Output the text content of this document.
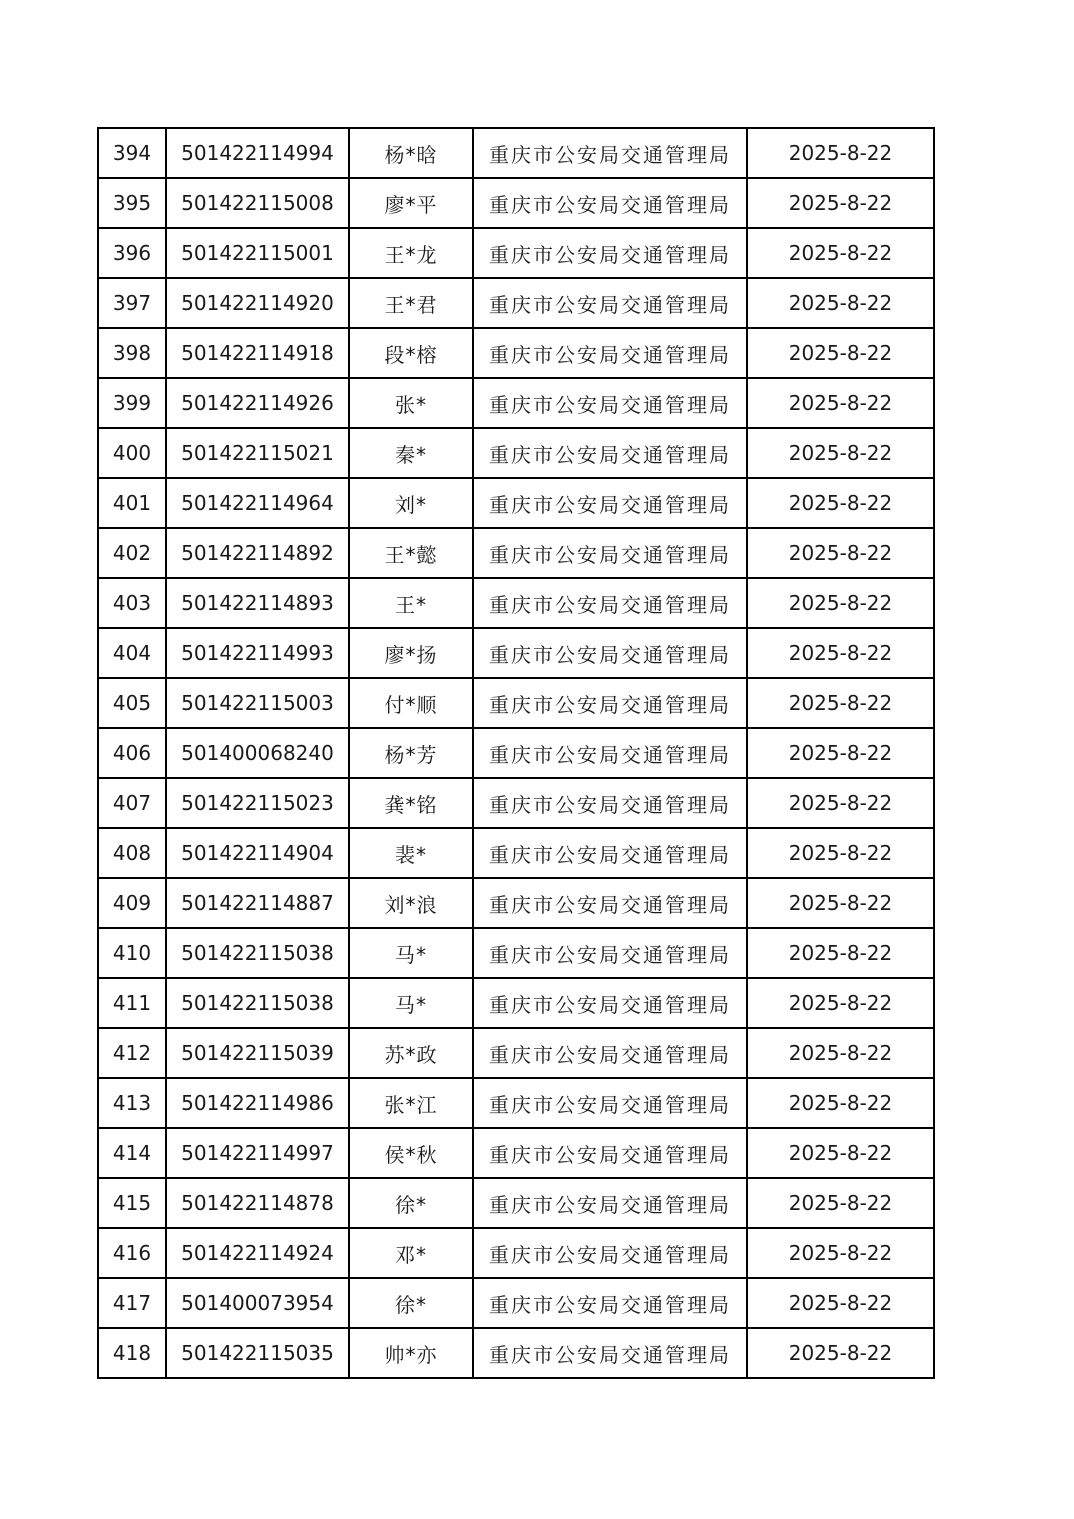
394	501422114994	杨*晗	重庆市公安局交通管理局	2025-8-22
395	501422115008	廖*平	重庆市公安局交通管理局	2025-8-22
396	501422115001	王*龙	重庆市公安局交通管理局	2025-8-22
397	501422114920	王*君	重庆市公安局交通管理局	2025-8-22
398	501422114918	段*榕	重庆市公安局交通管理局	2025-8-22
399	501422114926	张*	重庆市公安局交通管理局	2025-8-22
400	501422115021	秦*	重庆市公安局交通管理局	2025-8-22
401	501422114964	刘*	重庆市公安局交通管理局	2025-8-22
402	501422114892	王*懿	重庆市公安局交通管理局	2025-8-22
403	501422114893	王*	重庆市公安局交通管理局	2025-8-22
404	501422114993	廖*扬	重庆市公安局交通管理局	2025-8-22
405	501422115003	付*顺	重庆市公安局交通管理局	2025-8-22
406	501400068240	杨*芳	重庆市公安局交通管理局	2025-8-22
407	501422115023	龚*铭	重庆市公安局交通管理局	2025-8-22
408	501422114904	裴*	重庆市公安局交通管理局	2025-8-22
409	501422114887	刘*浪	重庆市公安局交通管理局	2025-8-22
410	501422115038	马*	重庆市公安局交通管理局	2025-8-22
411	501422115038	马*	重庆市公安局交通管理局	2025-8-22
412	501422115039	苏*政	重庆市公安局交通管理局	2025-8-22
413	501422114986	张*江	重庆市公安局交通管理局	2025-8-22
414	501422114997	侯*秋	重庆市公安局交通管理局	2025-8-22
415	501422114878	徐*	重庆市公安局交通管理局	2025-8-22
416	501422114924	邓*	重庆市公安局交通管理局	2025-8-22
417	501400073954	徐*	重庆市公安局交通管理局	2025-8-22
418	501422115035	帅*亦	重庆市公安局交通管理局	2025-8-22
